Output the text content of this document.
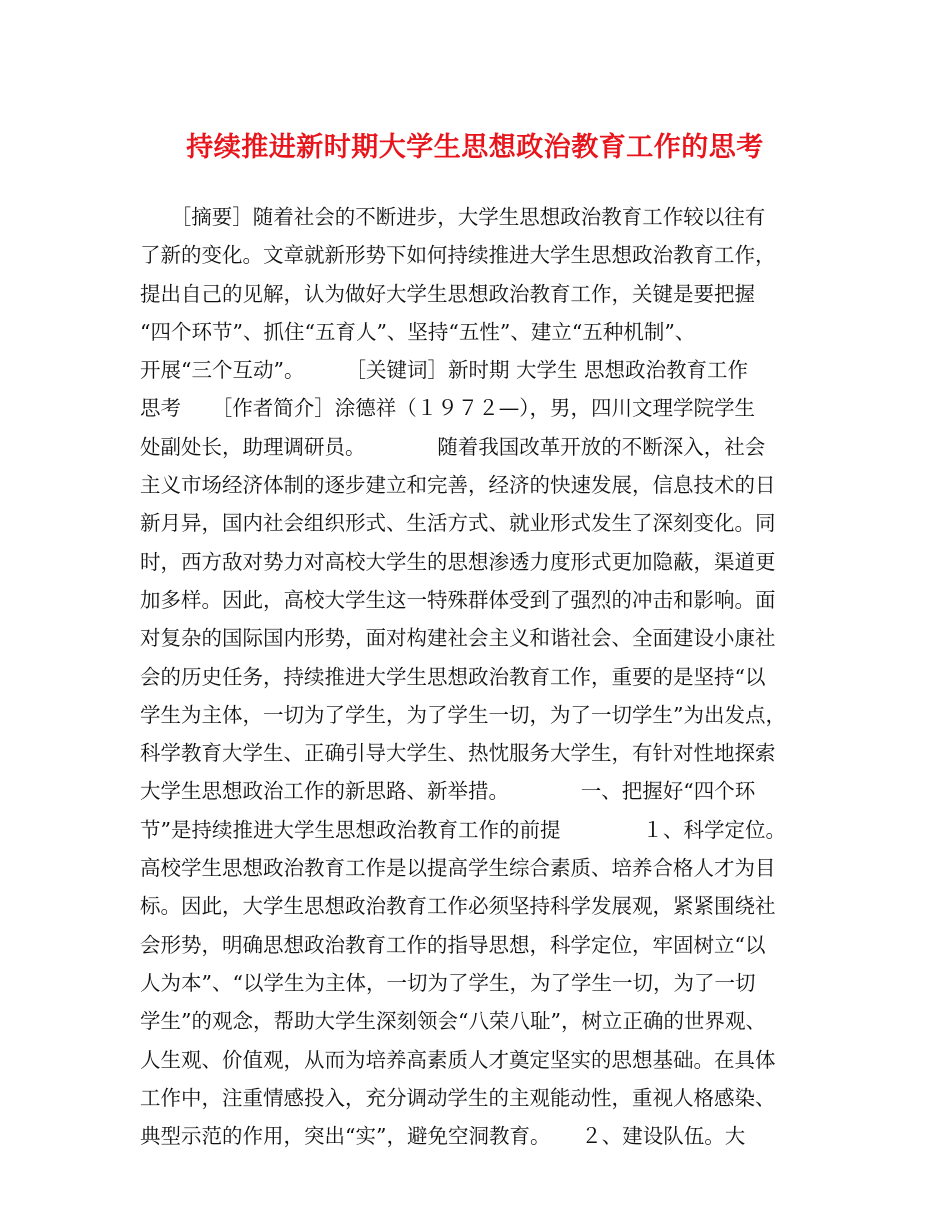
持续推进新时期大学生思想政治教育工作的思考
　　［摘要］随着社会的不断进步，大学生思想政治教育工作较以往有
了新的变化。文章就新形势下如何持续推进大学生思想政治教育工作，
提出自己的见解，认为做好大学生思想政治教育工作，关键是要把握
“四个环节”、抓住“五育人”、坚持“五性”、建立“五种机制”、
开展“三个互动”。　　　［关键词］新时期 大学生 思想政治教育工作
思考　　［作者简介］涂德祥（１９７２—），男，四川文理学院学生
处副处长，助理调研员。　　　　随着我国改革开放的不断深入，社会
主义市场经济体制的逐步建立和完善，经济的快速发展，信息技术的日
新月异，国内社会组织形式、生活方式、就业形式发生了深刻变化。同
时，西方敌对势力对高校大学生的思想渗透力度形式更加隐蔽，渠道更
加多样。因此，高校大学生这一特殊群体受到了强烈的冲击和影响。面
对复杂的国际国内形势，面对构建社会主义和谐社会、全面建设小康社
会的历史任务，持续推进大学生思想政治教育工作，重要的是坚持“以
学生为主体，一切为了学生，为了学生一切，为了一切学生”为出发点，
科学教育大学生、正确引导大学生、热忱服务大学生，有针对性地探索
大学生思想政治工作的新思路、新举措。　　　　一、把握好“四个环
节”是持续推进大学生思想政治教育工作的前提　　　　１、科学定位。
高校学生思想政治教育工作是以提高学生综合素质、培养合格人才为目
标。因此，大学生思想政治教育工作必须坚持科学发展观，紧紧围绕社
会形势，明确思想政治教育工作的指导思想，科学定位，牢固树立“以
人为本”、“以学生为主体，一切为了学生，为了学生一切，为了一切
学生”的观念，帮助大学生深刻领会“八荣八耻”，树立正确的世界观、
人生观、价值观，从而为培养高素质人才奠定坚实的思想基础。在具体
工作中，注重情感投入，充分调动学生的主观能动性，重视人格感染、
典型示范的作用，突出“实”，避免空洞教育。　　２、建设队伍。大
